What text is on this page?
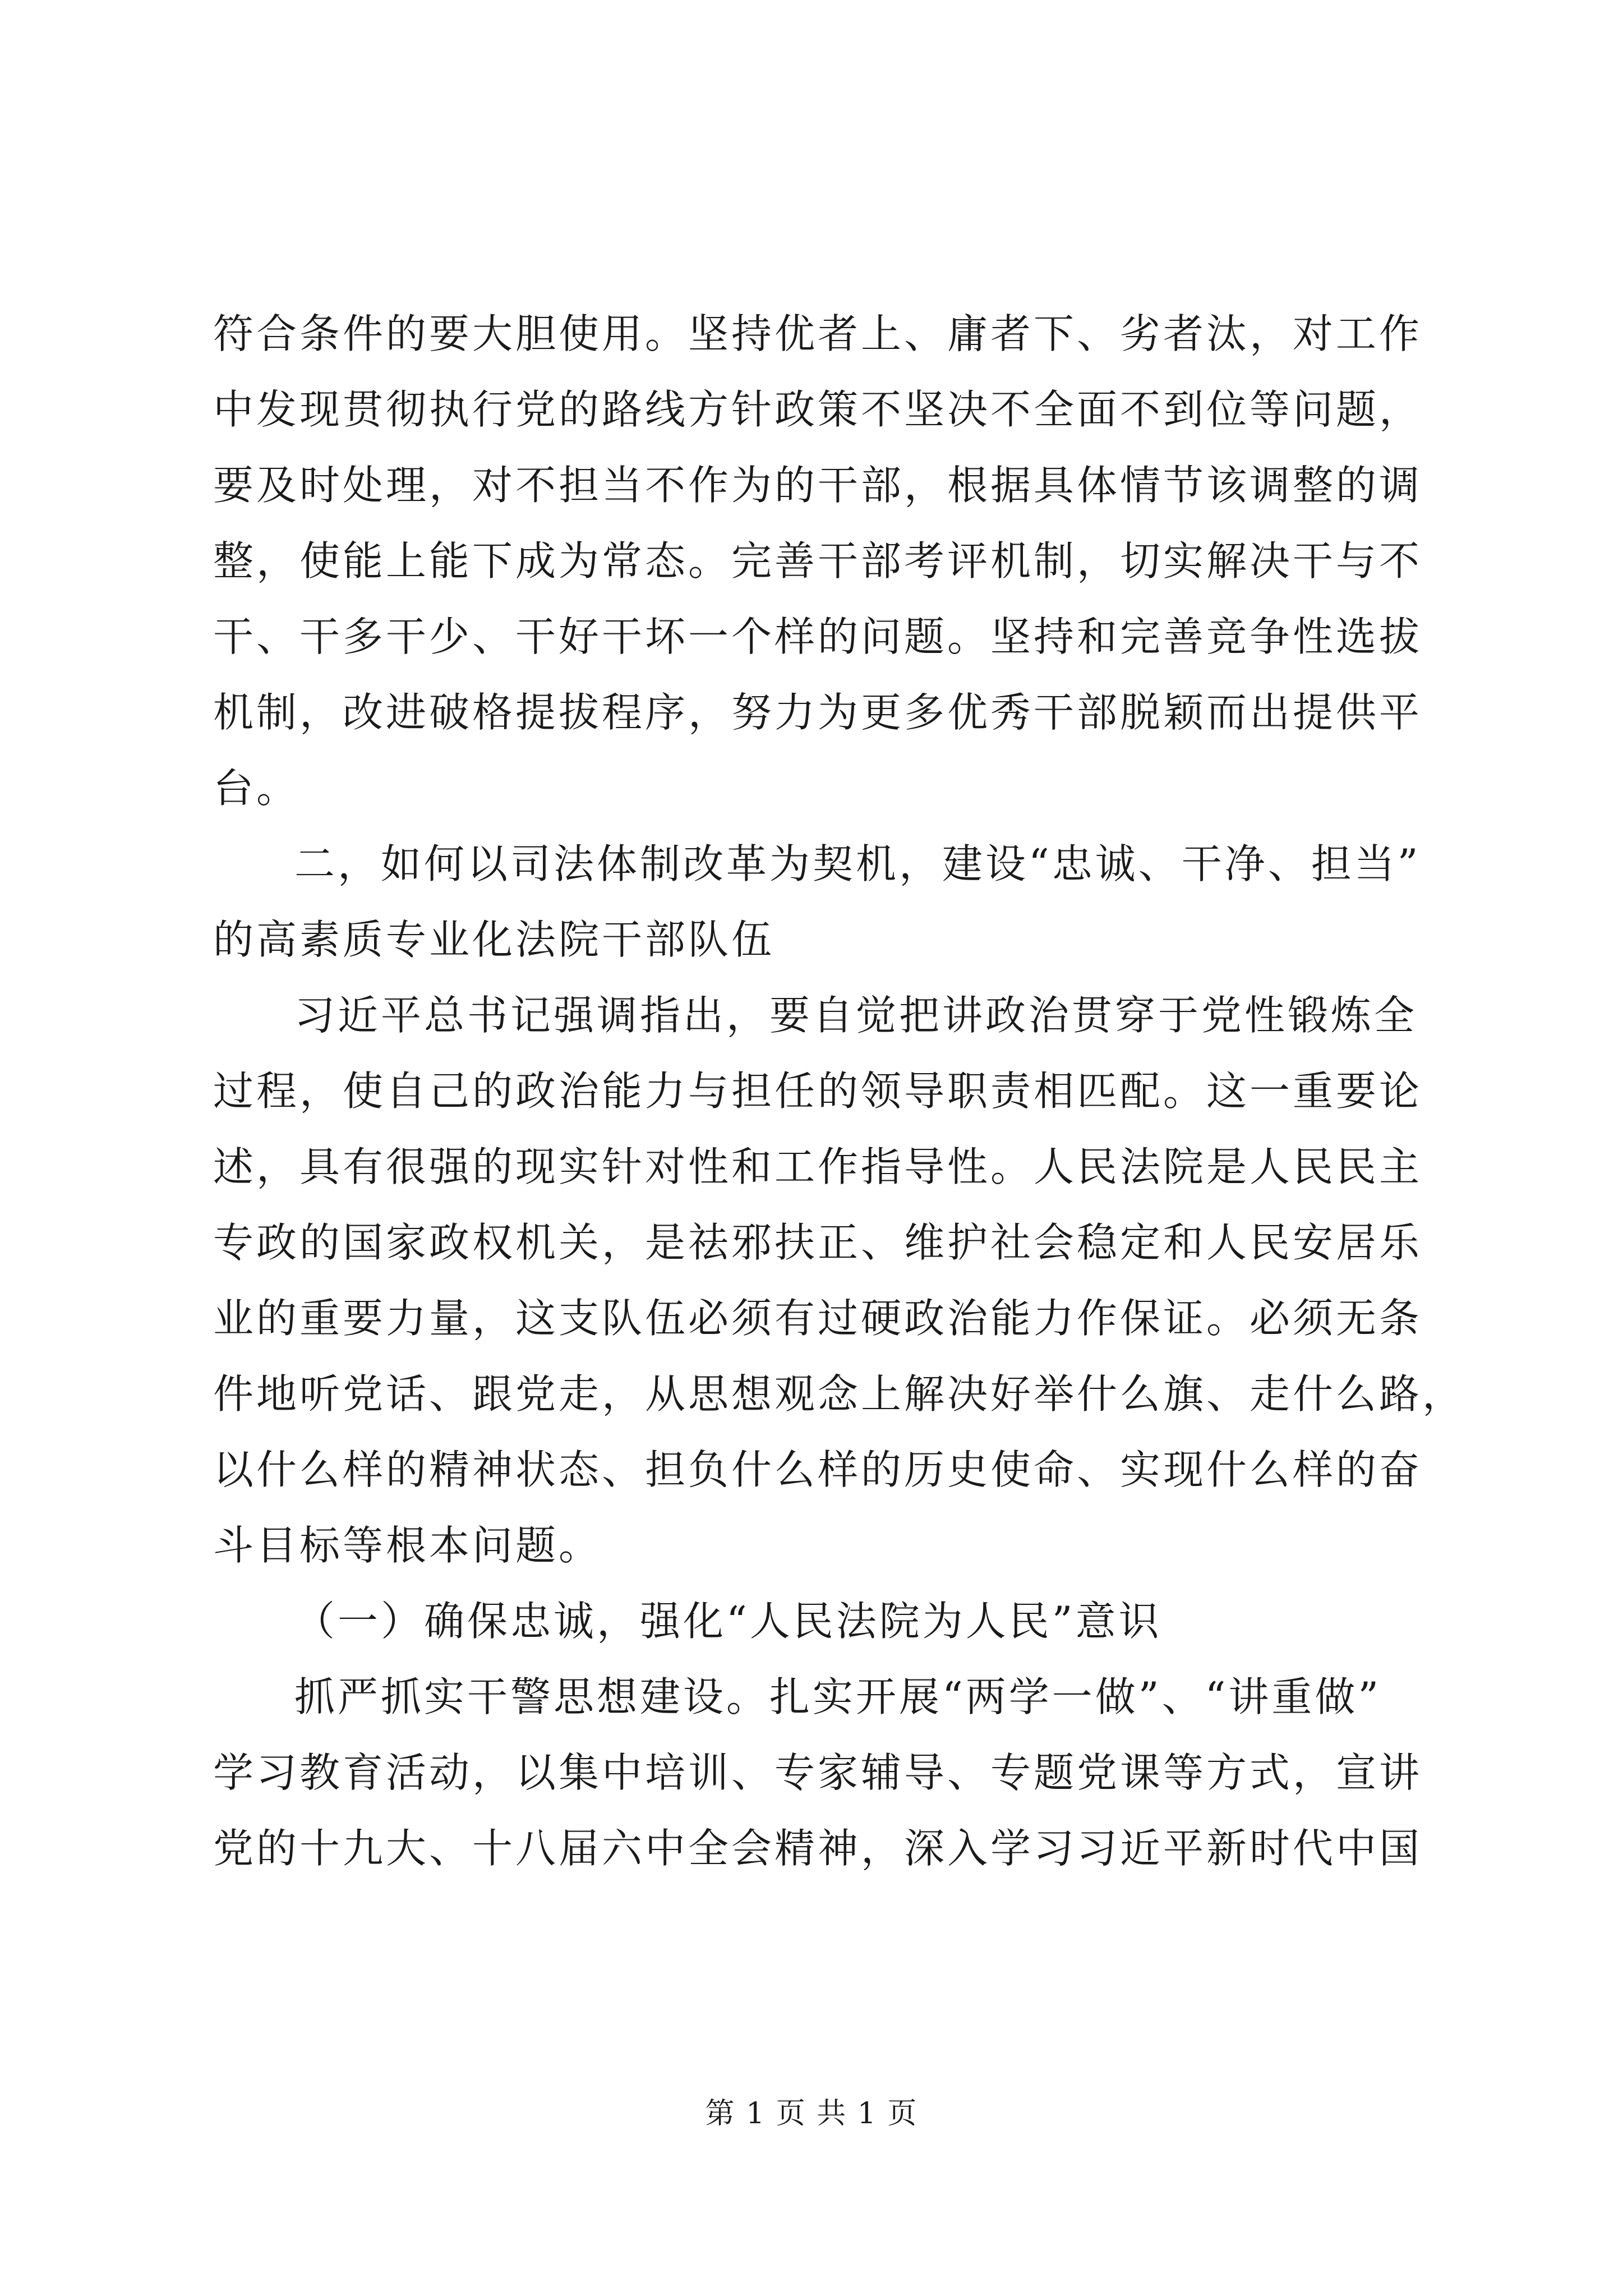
符合条件的要大胆使用。坚持优者上、庸者下、劣者汰，对工作
中发现贯彻执行党的路线方针政策不坚决不全面不到位等问题，
要及时处理，对不担当不作为的干部，根据具体情节该调整的调
整，使能上能下成为常态。完善干部考评机制，切实解决干与不
干、干多干少、干好干坏一个样的问题。坚持和完善竞争性选拔
机制，改进破格提拔程序，努力为更多优秀干部脱颖而出提供平
台。
二，如何以司法体制改革为契机，建设“忠诚、干净、担当”
的高素质专业化法院干部队伍
习近平总书记强调指出，要自觉把讲政治贯穿于党性锻炼全
过程，使自己的政治能力与担任的领导职责相匹配。这一重要论
述，具有很强的现实针对性和工作指导性。人民法院是人民民主
专政的国家政权机关，是祛邪扶正、维护社会稳定和人民安居乐
业的重要力量，这支队伍必须有过硬政治能力作保证。必须无条
件地听党话、跟党走，从思想观念上解决好举什么旗、走什么路，
以什么样的精神状态、担负什么样的历史使命、实现什么样的奋
斗目标等根本问题。
（一）确保忠诚，强化“人民法院为人民”意识
抓严抓实干警思想建设。扎实开展“两学一做”、“讲重做”
学习教育活动，以集中培训、专家辅导、专题党课等方式，宣讲
党的十九大、十八届六中全会精神，深入学习习近平新时代中国
第 1 页 共 1 页
